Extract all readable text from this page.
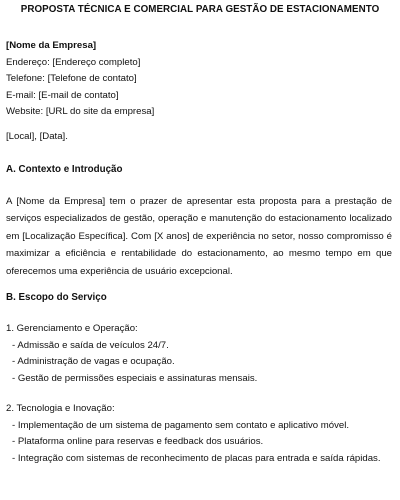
PROPOSTA TÉCNICA E COMERCIAL PARA GESTÃO DE ESTACIONAMENTO
[Nome da Empresa]
Endereço: [Endereço completo]
Telefone: [Telefone de contato]
E-mail: [E-mail de contato]
Website: [URL do site da empresa]
[Local], [Data].
A. Contexto e Introdução
A [Nome da Empresa] tem o prazer de apresentar esta proposta para a prestação de serviços especializados de gestão, operação e manutenção do estacionamento localizado em [Localização Específica]. Com [X anos] de experiência no setor, nosso compromisso é maximizar a eficiência e rentabilidade do estacionamento, ao mesmo tempo em que oferecemos uma experiência de usuário excepcional.
B. Escopo do Serviço
1. Gerenciamento e Operação:
- Admissão e saída de veículos 24/7.
- Administração de vagas e ocupação.
- Gestão de permissões especiais e assinaturas mensais.
2. Tecnologia e Inovação:
- Implementação de um sistema de pagamento sem contato e aplicativo móvel.
- Plataforma online para reservas e feedback dos usuários.
- Integração com sistemas de reconhecimento de placas para entrada e saída rápidas.
